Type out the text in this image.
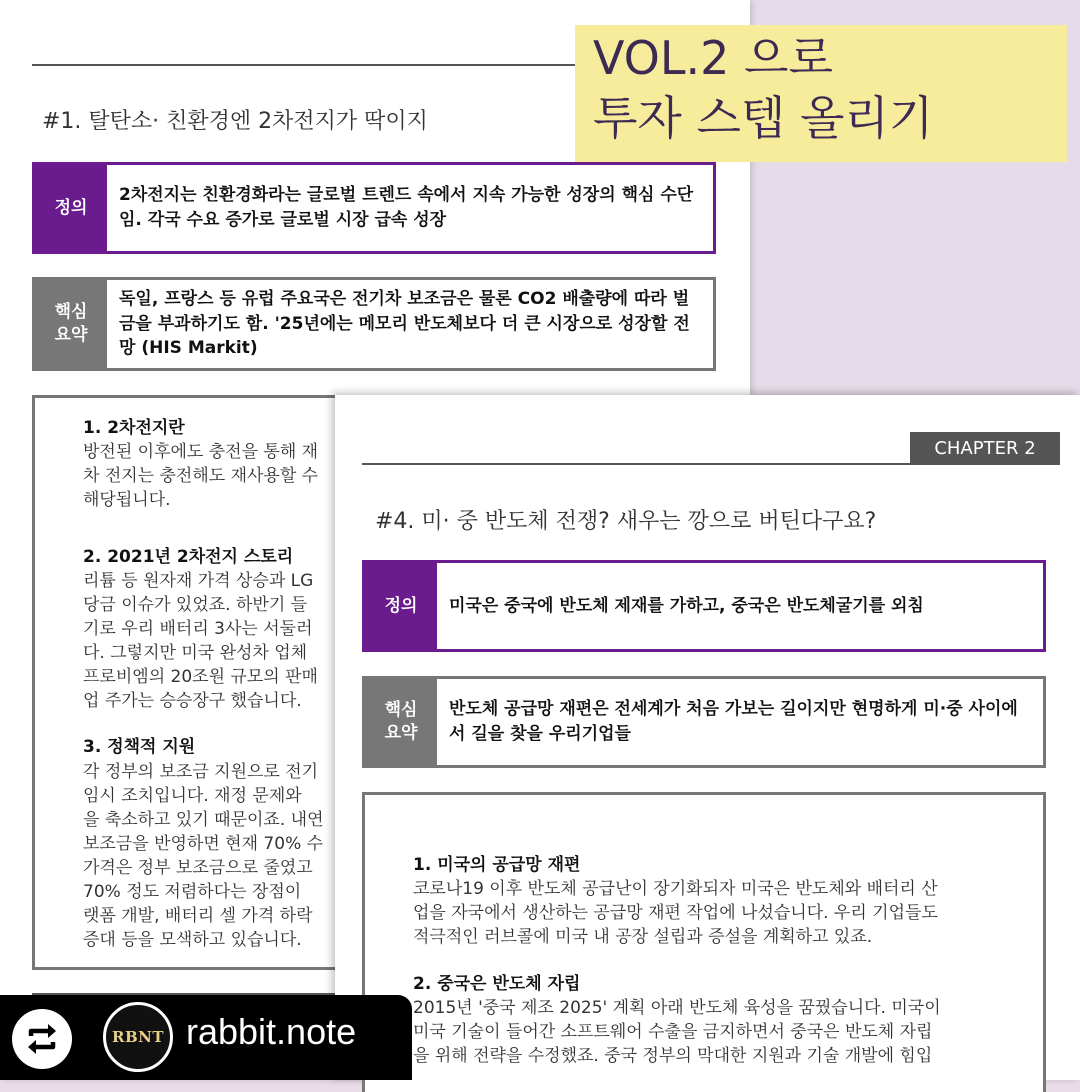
#1. 탈탄소· 친환경엔 2차전지가 딱이지
정의
2차전지는 친환경화라는 글로벌 트렌드 속에서 지속 가능한 성장의 핵심 수단임. 각국 수요 증가로 글로벌 시장 급속 성장
핵심
요약
독일, 프랑스 등 유럽 주요국은 전기차 보조금은 물론 CO2 배출량에 따라 벌금을 부과하기도 함. '25년에는 메모리 반도체보다 더 큰 시장으로 성장할 전망 (HIS Markit)
1. 2차전지란

방전된 이후에도 충전을 통해 재

차 전지는 충전해도 재사용할 수

해당됩니다.

2. 2021년 2차전지 스토리

리튬 등 원자재 가격 상승과 LG

당금 이슈가 있었죠. 하반기 들

기로 우리 배터리 3사는 서둘러

다. 그렇지만 미국 완성차 업체

프로비엠의 20조원 규모의 판매

업 주가는 승승장구 했습니다.

3. 정책적 지원

각 정부의 보조금 지원으로 전기

임시 조치입니다. 재정 문제와

을 축소하고 있기 때문이죠. 내연

보조금을 반영하면 현재 70% 수

가격은 정부 보조금으로 줄였고

70% 정도 저렴하다는 장점이

랫폼 개발, 배터리 셀 가격 하락

증대 등을 모색하고 있습니다.

VOL.2 으로
투자 스텝 올리기
CHAPTER 2
#4. 미· 중 반도체 전쟁? 새우는 깡으로 버틴다구요?
정의	미국은 중국에 반도체 제재를 가하고, 중국은 반도체굴기를 외침
핵심
요약
반도체 공급망 재편은 전세계가 처음 가보는 길이지만 현명하게 미·중 사이에서 길을 찾을 우리기업들
1. 미국의 공급망 재편

코로나19 이후 반도체 공급난이 장기화되자 미국은 반도체와 배터리 산

업을 자국에서 생산하는 공급망 재편 작업에 나섰습니다. 우리 기업들도

적극적인 러브콜에 미국 내 공장 설립과 증설을 계획하고 있죠.

2. 중국은 반도체 자립

2015년 '중국 제조 2025' 계획 아래 반도체 육성을 꿈꿨습니다. 미국이

미국 기술이 들어간 소프트웨어 수출을 금지하면서 중국은 반도체 자립

을 위해 전략을 수정했죠. 중국 정부의 막대한 지원과 기술 개발에 힘입

RBNT rabbit.note
